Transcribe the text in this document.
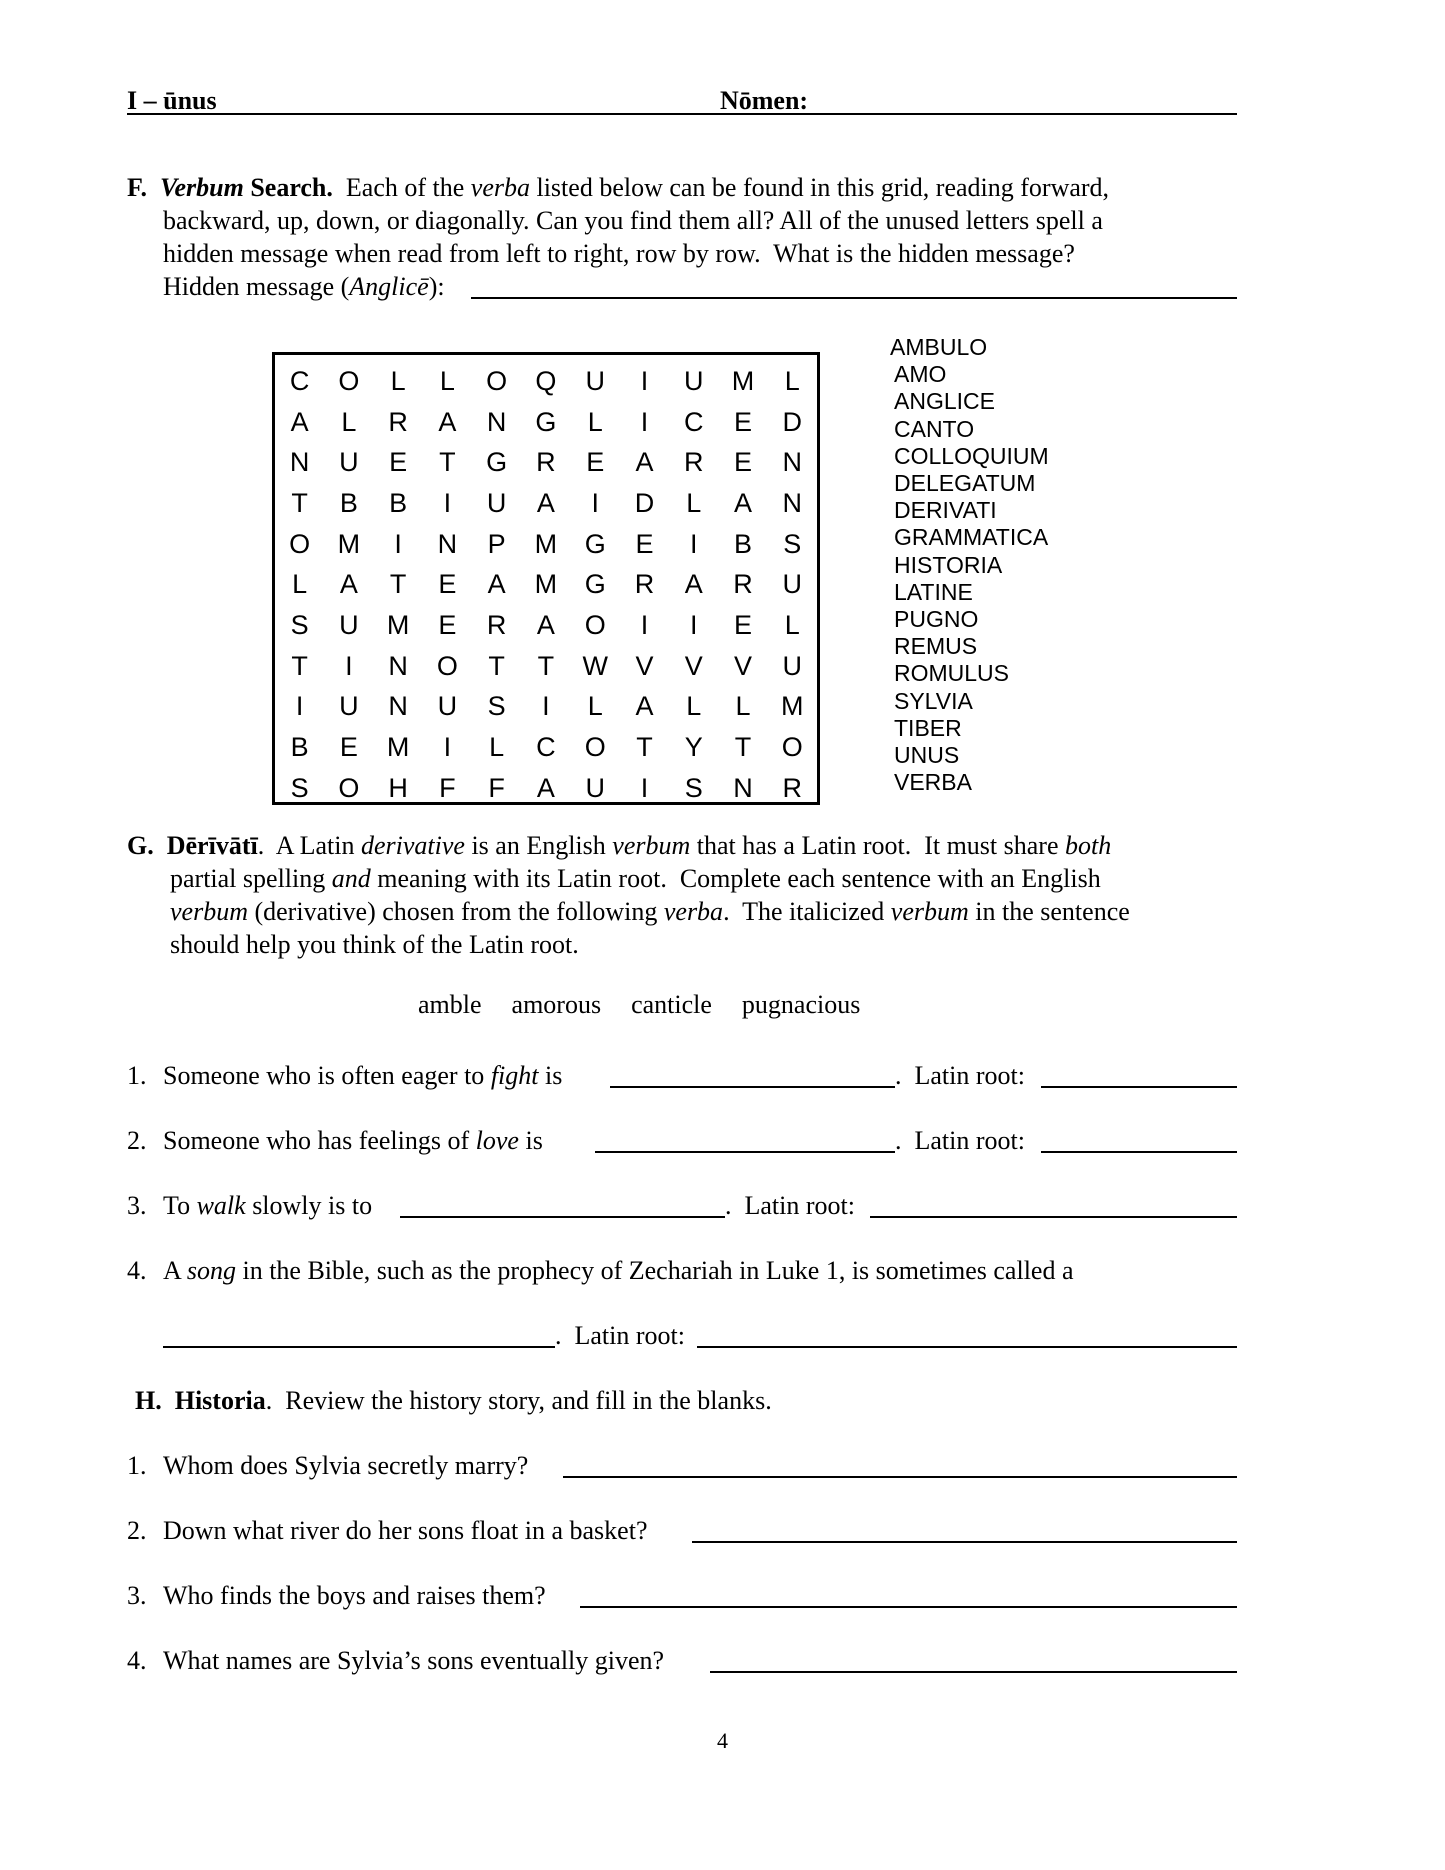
I – ūnus	Nōmen:
F. Verbum Search.  Each of the verba listed below can be found in this grid, reading forward,
backward, up, down, or diagonally. Can you find them all? All of the unused letters spell a
hidden message when read from left to right, row by row.  What is the hidden message?
Hidden message (Anglicē):
C	O	L	L	O	Q	U	I	U	M	L
A	L	R	A	N	G	L	I	C	E	D
N	U	E	T	G	R	E	A	R	E	N
T	B	B	I	U	A	I	D	L	A	N
O	M	I	N	P	M	G	E	I	B	S
L	A	T	E	A	M	G	R	A	R	U
S	U	M	E	R	A	O	I	I	E	L
T	I	N	O	T	T	W	V	V	V	U
I	U	N	U	S	I	L	A	L	L	M
B	E	M	I	L	C	O	T	Y	T	O
S	O	H	F	F	A	U	I	S	N	R
AMBULO
AMO
ANGLICE
CANTO
COLLOQUIUM
DELEGATUM
DERIVATI
GRAMMATICA
HISTORIA
LATINE
PUGNO
REMUS
ROMULUS
SYLVIA
TIBER
UNUS
VERBA
G. Dērīvātī.  A Latin derivative is an English verbum that has a Latin root.  It must share both
partial spelling and meaning with its Latin root.  Complete each sentence with an English
verbum (derivative) chosen from the following verba.  The italicized verbum in the sentence
should help you think of the Latin root.
amble amorous canticle pugnacious
1. Someone who is often eager to fight is	. Latin root:
2. Someone who has feelings of love is	. Latin root:
3. To walk slowly is to	. Latin root:
4. A song in the Bible, such as the prophecy of Zechariah in Luke 1, is sometimes called a
. Latin root:
H. Historia.  Review the history story, and fill in the blanks.
1. Whom does Sylvia secretly marry?
2. Down what river do her sons float in a basket?
3. Who finds the boys and raises them?
4. What names are Sylvia’s sons eventually given?
4
